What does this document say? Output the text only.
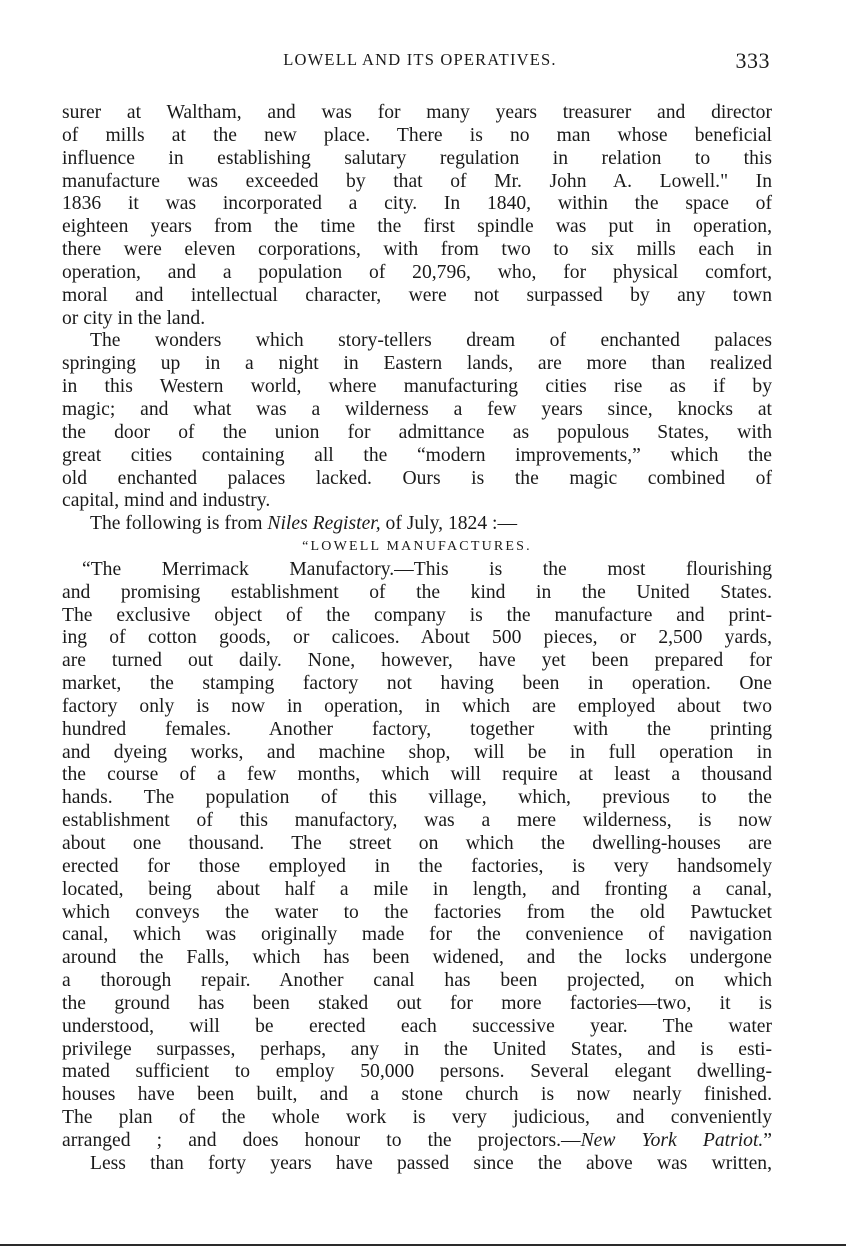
LOWELL AND ITS OPERATIVES.	333
surer at Waltham, and was for many years treasurer and director
of mills at the new place. There is no man whose beneficial
influence in establishing salutary regulation in relation to this
manufacture was exceeded by that of Mr. John A. Lowell." In
1836 it was incorporated a city. In 1840, within the space of
eighteen years from the time the first spindle was put in operation,
there were eleven corporations, with from two to six mills each in
operation, and a population of 20,796, who, for physical comfort,
moral and intellectual character, were not surpassed by any town
or city in the land.
The wonders which story-tellers dream of enchanted palaces
springing up in a night in Eastern lands, are more than realized
in this Western world, where manufacturing cities rise as if by
magic; and what was a wilderness a few years since, knocks at
the door of the union for admittance as populous States, with
great cities containing all the “modern improvements,” which the
old enchanted palaces lacked. Ours is the magic combined of
capital, mind and industry.
The following is from Niles Register, of July, 1824 :—
“LOWELL MANUFACTURES.
“The Merrimack Manufactory.—This is the most flourishing
and promising establishment of the kind in the United States.
The exclusive object of the company is the manufacture and print-
ing of cotton goods, or calicoes. About 500 pieces, or 2,500 yards,
are turned out daily. None, however, have yet been prepared for
market, the stamping factory not having been in operation. One
factory only is now in operation, in which are employed about two
hundred females. Another factory, together with the printing
and dyeing works, and machine shop, will be in full operation in
the course of a few months, which will require at least a thousand
hands. The population of this village, which, previous to the
establishment of this manufactory, was a mere wilderness, is now
about one thousand. The street on which the dwelling-houses are
erected for those employed in the factories, is very handsomely
located, being about half a mile in length, and fronting a canal,
which conveys the water to the factories from the old Pawtucket
canal, which was originally made for the convenience of navigation
around the Falls, which has been widened, and the locks undergone
a thorough repair. Another canal has been projected, on which
the ground has been staked out for more factories—two, it is
understood, will be erected each successive year. The water
privilege surpasses, perhaps, any in the United States, and is esti-
mated sufficient to employ 50,000 persons. Several elegant dwelling-
houses have been built, and a stone church is now nearly finished.
The plan of the whole work is very judicious, and conveniently
arranged ; and does honour to the projectors.—New York Patriot.”
Less than forty years have passed since the above was written,
